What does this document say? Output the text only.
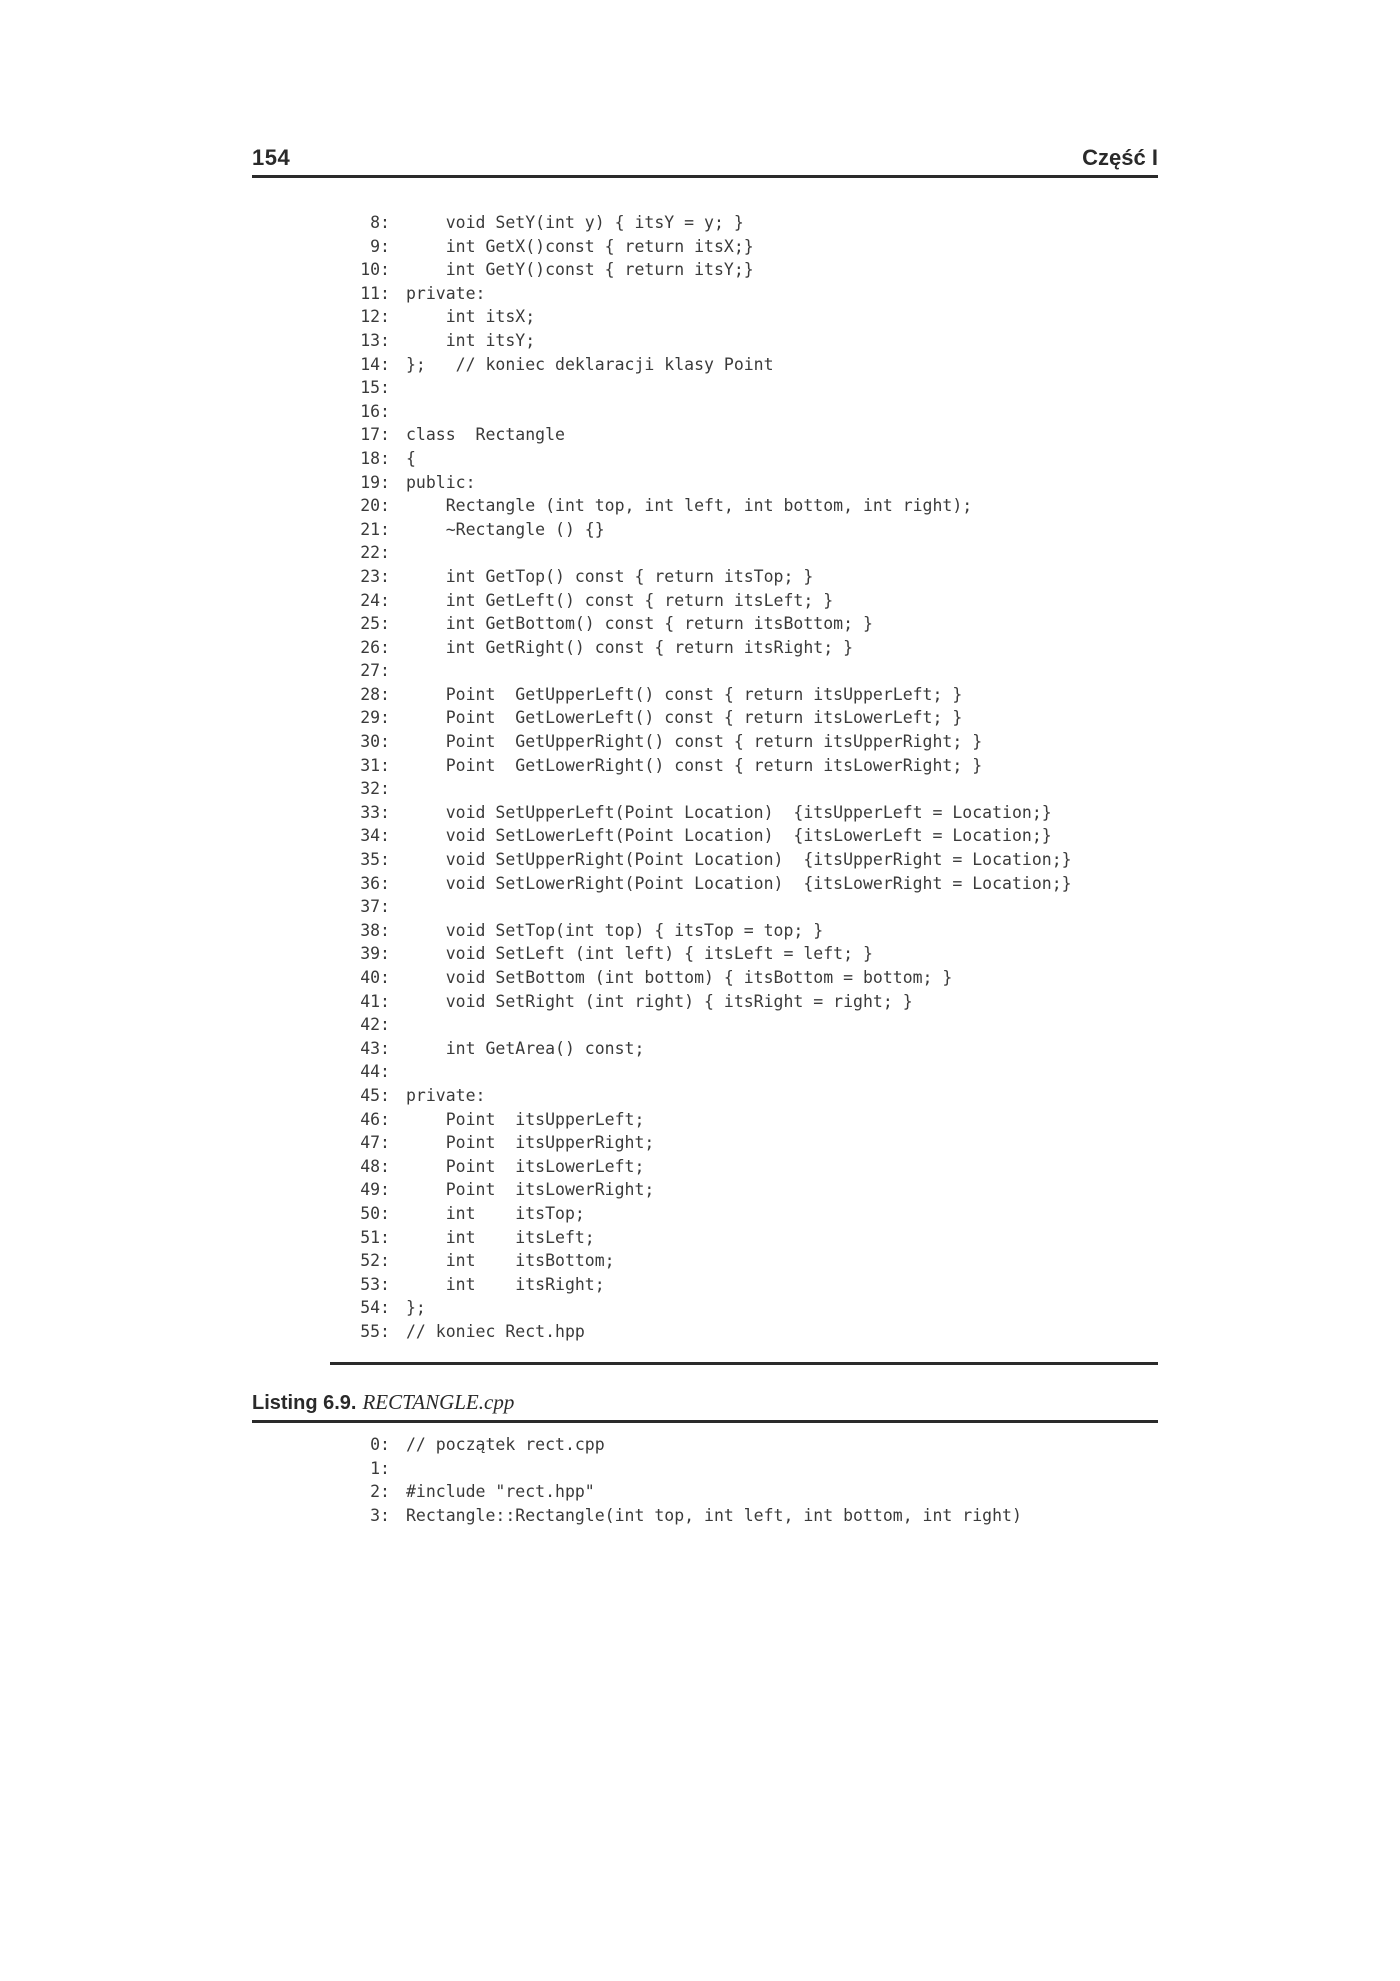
154	Część I
8: void SetY(int y) { itsY = y; }
9: int GetX()const { return itsX;}
10: int GetY()const { return itsY;}
11: private:
12: int itsX;
13: int itsY;
14: };   // koniec deklaracji klasy Point
15:
16:
17: class  Rectangle
18: {
19: public:
20: Rectangle (int top, int left, int bottom, int right);
21: ~Rectangle () {}
22:
23: int GetTop() const { return itsTop; }
24: int GetLeft() const { return itsLeft; }
25: int GetBottom() const { return itsBottom; }
26: int GetRight() const { return itsRight; }
27:
28: Point  GetUpperLeft() const { return itsUpperLeft; }
29: Point  GetLowerLeft() const { return itsLowerLeft; }
30: Point  GetUpperRight() const { return itsUpperRight; }
31: Point  GetLowerRight() const { return itsLowerRight; }
32:
33: void SetUpperLeft(Point Location)  {itsUpperLeft = Location;}
34: void SetLowerLeft(Point Location)  {itsLowerLeft = Location;}
35: void SetUpperRight(Point Location)  {itsUpperRight = Location;}
36: void SetLowerRight(Point Location)  {itsLowerRight = Location;}
37:
38: void SetTop(int top) { itsTop = top; }
39: void SetLeft (int left) { itsLeft = left; }
40: void SetBottom (int bottom) { itsBottom = bottom; }
41: void SetRight (int right) { itsRight = right; }
42:
43: int GetArea() const;
44:
45: private:
46: Point  itsUpperLeft;
47: Point  itsUpperRight;
48: Point  itsLowerLeft;
49: Point  itsLowerRight;
50: int    itsTop;
51: int    itsLeft;
52: int    itsBottom;
53: int    itsRight;
54: };
55: // koniec Rect.hpp
Listing 6.9. RECTANGLE.cpp
0: // początek rect.cpp
1:
2: #include "rect.hpp"
3: Rectangle::Rectangle(int top, int left, int bottom, int right)
